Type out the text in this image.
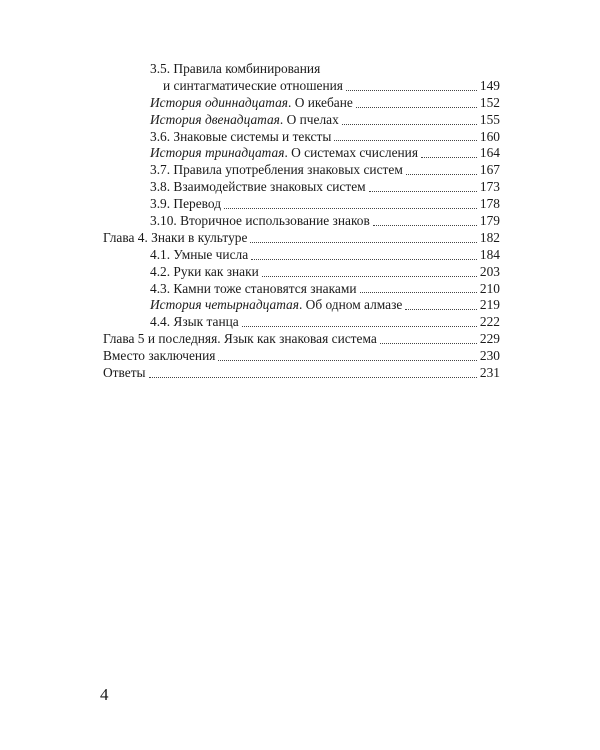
3.5. Правила комбинирования
и синтагматические отношения	149
История одиннадцатая. О икебане	152
История двенадцатая. О пчелах	155
3.6. Знаковые системы и тексты	160
История тринадцатая. О системах счисления	164
3.7. Правила употребления знаковых систем	167
3.8. Взаимодействие знаковых систем	173
3.9. Перевод	178
3.10. Вторичное использование знаков	179
Глава 4. Знаки в культуре	182
4.1. Умные числа	184
4.2. Руки как знаки	203
4.3. Камни тоже становятся знаками	210
История четырнадцатая. Об одном алмазе	219
4.4. Язык танца	222
Глава 5 и последняя. Язык как знаковая система	229
Вместо заключения	230
Ответы	231
4
